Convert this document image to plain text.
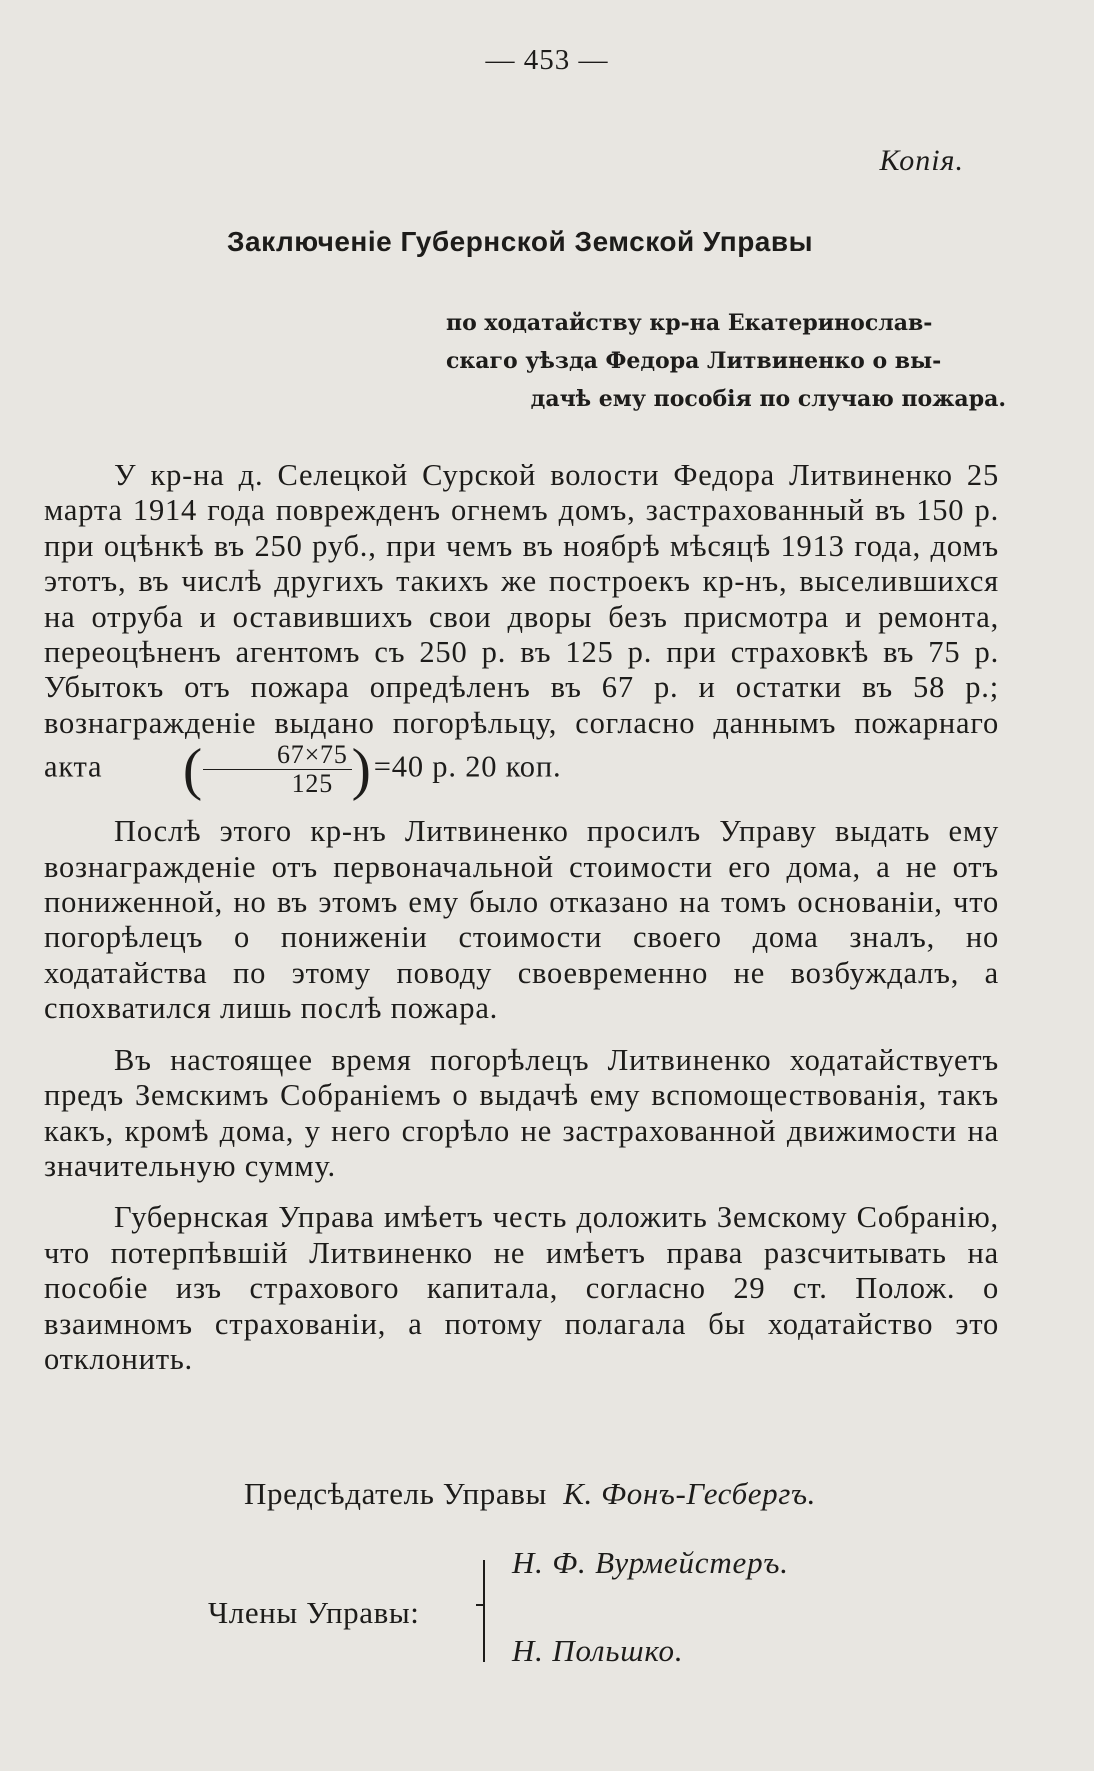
— 453 —
Копія.
Заключеніе Губернской Земской Управы
по ходатайству кр-на Екатеринослав-
скаго уѣзда Федора Литвиненко о вы-
дачѣ ему пособія по случаю пожара.

У кр-на д. Селецкой Сурской волости Федора Литвиненко 25 марта 1914 года поврежденъ огнемъ домъ, застрахованный въ 150 р. при оцѣнкѣ въ 250 руб., при чемъ въ ноябрѣ мѣсяцѣ 1913 года, домъ этотъ, въ числѣ другихъ такихъ же построекъ кр-нъ, выселившихся на отруба и оставившихъ свои дворы безъ присмотра и ремонта, переоцѣненъ агентомъ съ 250 р. въ 125 р. при страховкѣ въ 75 р. Убытокъ отъ пожара опредѣленъ въ 67 р. и остатки въ 58 р.; вознагражденіе выдано погорѣльцу, согласно даннымъ пожарнаго акта ( $\frac{67\times 75}{125} )=40$ р. 20 коп.

Послѣ этого кр-нъ Литвиненко просилъ Управу выдать ему вознагражденіе отъ первоначальной стоимости его дома, а не отъ пониженной, но въ этомъ ему было отказано на томъ основаніи, что погорѣлецъ о пониженіи стоимости своего дома зналъ, но ходатайства по этому поводу своевременно не возбуждалъ, а спохватился лишь послѣ пожара.

Въ настоящее время погорѣлецъ Литвиненко ходатайствуетъ предъ Земскимъ Собраніемъ о выдачѣ ему вспомоществованія, такъ какъ, кромѣ дома, у него сгорѣло не застрахованной движимости на значительную сумму.

Губернская Управа имѣетъ честь доложить Земскому Собранію, что потерпѣвшій Литвиненко не имѣетъ права разсчитывать на пособіе изъ страхового капитала, согласно 29 ст. Полож. о взаимномъ страхованіи, а потому полагала бы ходатайство это отклонить.

Предсѣдатель Управы К. Фонъ-Гесбергъ.
Члены Управы:
Н. Ф. Вурмейстеръ.
Н. Польшко.
